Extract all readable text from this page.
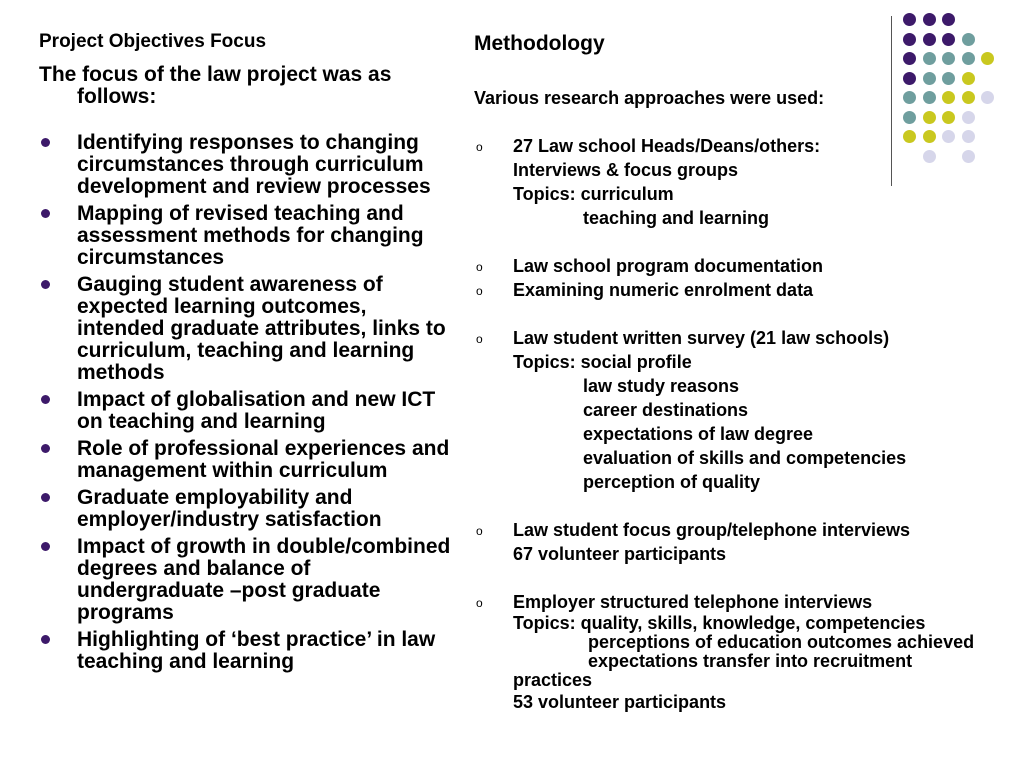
Project Objectives Focus
The focus of the law project was as follows:
Identifying responses to changing circumstances through curriculum development and review processes
Mapping of revised teaching and assessment methods for changing circumstances
Gauging student awareness of expected learning outcomes, intended graduate attributes, links to curriculum, teaching and learning methods
Impact of globalisation and new ICT on teaching and learning
Role of professional experiences and management within curriculum
Graduate employability and employer/industry satisfaction
Impact of growth in double/combined degrees and balance of undergraduate –post graduate programs
Highlighting of ‘best practice’ in law teaching and learning
Methodology
Various research approaches were used:
o 27 Law school Heads/Deans/others:
Interviews & focus groups
Topics: curriculum
teaching and learning
o Law school program documentation
o Examining numeric enrolment data
o Law student written survey (21 law schools)
Topics: social profile
law study reasons
career destinations
expectations of law degree
evaluation of skills and competencies
perception of quality
o Law student focus group/telephone interviews
67 volunteer participants
o Employer structured telephone interviews
Topics: quality, skills, knowledge, competencies
perceptions of education outcomes achieved
expectations transfer into recruitment
practices
53 volunteer participants
